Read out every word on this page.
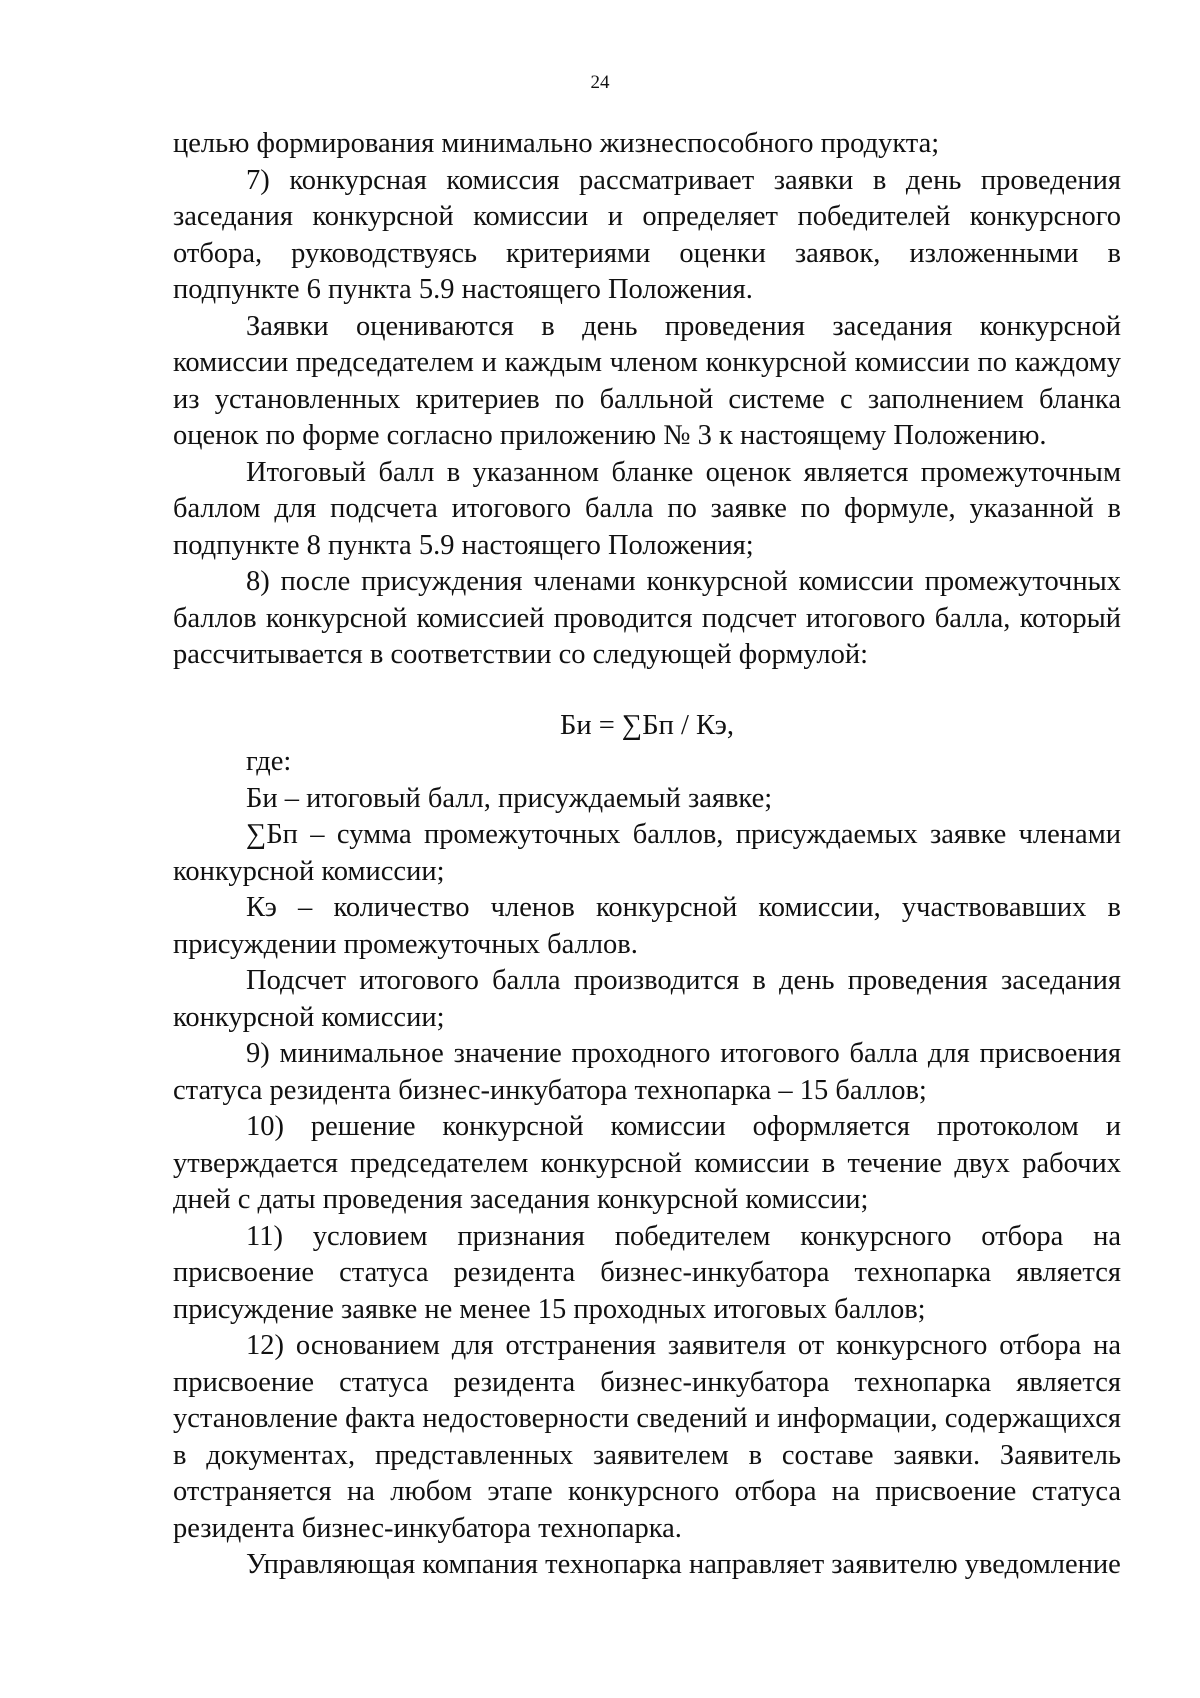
24

целью формирования минимально жизнеспособного продукта;

7) конкурсная комиссия рассматривает заявки в день проведения заседания конкурсной комиссии и определяет победителей конкурсного отбора, руководствуясь критериями оценки заявок, изложенными в подпункте 6 пункта 5.9 настоящего Положения.

Заявки оцениваются в день проведения заседания конкурсной комиссии председателем и каждым членом конкурсной комиссии по каждому из установленных критериев по балльной системе с заполнением бланка оценок по форме согласно приложению № 3 к настоящему Положению.

Итоговый балл в указанном бланке оценок является промежуточным баллом для подсчета итогового балла по заявке по формуле, указанной в подпункте 8 пункта 5.9 настоящего Положения;

8) после присуждения членами конкурсной комиссии промежуточных баллов конкурсной комиссией проводится подсчет итогового балла, который рассчитывается в соответствии со следующей формулой:

Би = ∑Бп / Кэ,

где:

Би – итоговый балл, присуждаемый заявке;

∑Бп – сумма промежуточных баллов, присуждаемых заявке членами конкурсной комиссии;

Кэ – количество членов конкурсной комиссии, участвовавших в присуждении промежуточных баллов.

Подсчет итогового балла производится в день проведения заседания конкурсной комиссии;

9) минимальное значение проходного итогового балла для присвоения статуса резидента бизнес-инкубатора технопарка – 15 баллов;

10) решение конкурсной комиссии оформляется протоколом и утверждается председателем конкурсной комиссии в течение двух рабочих дней с даты проведения заседания конкурсной комиссии;

11) условием признания победителем конкурсного отбора на присвоение статуса резидента бизнес-инкубатора технопарка является присуждение заявке не менее 15 проходных итоговых баллов;

12) основанием для отстранения заявителя от конкурсного отбора на присвоение статуса резидента бизнес-инкубатора технопарка является установление факта недостоверности сведений и информации, содержащихся в документах, представленных заявителем в составе заявки. Заявитель отстраняется на любом этапе конкурсного отбора на присвоение статуса резидента бизнес-инкубатора технопарка.

Управляющая компания технопарка направляет заявителю уведомление
